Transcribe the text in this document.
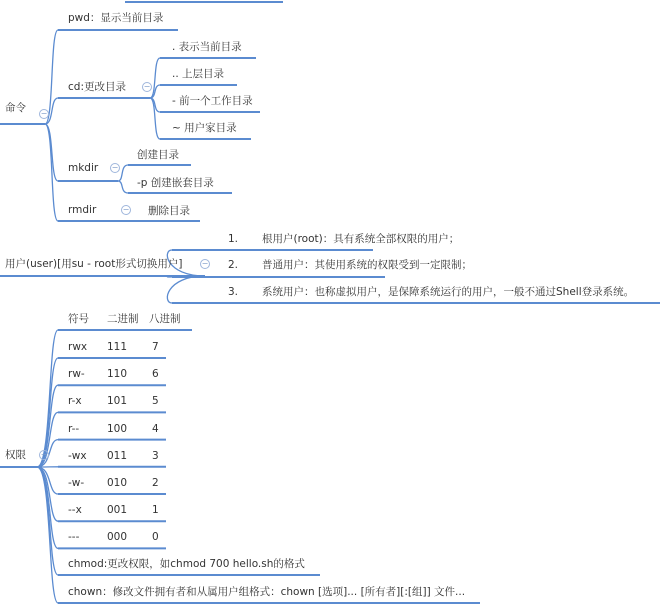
命令 −
pwd：显示当前目录
cd:更改目录 −
. 表示当前目录
.. 上层目录
- 前一个工作目录
~ 用户家目录
mkdir −
创建目录
-p 创建嵌套目录
rmdir	− 删除目录
用户(user)[用su - root形式切换用户] −
1. 根用户(root)：具有系统全部权限的用户；
2. 普通用户：其使用系统的权限受到一定限制；
3. 系统用户：也称虚拟用户，是保障系统运行的用户，一般不通过Shell登录系统。
权限 −
符号 二进制 八进制
rwx 111 7
rw- 110 6
r-x 101 5
r--	100 4
-wx 011 3
-w- 010 2
--x 001 1
---	000 0
chmod:更改权限，如chmod 700 hello.sh的格式
chown：修改文件拥有者和从属用户组格式：chown [选项]... [所有者][:[组]] 文件...
